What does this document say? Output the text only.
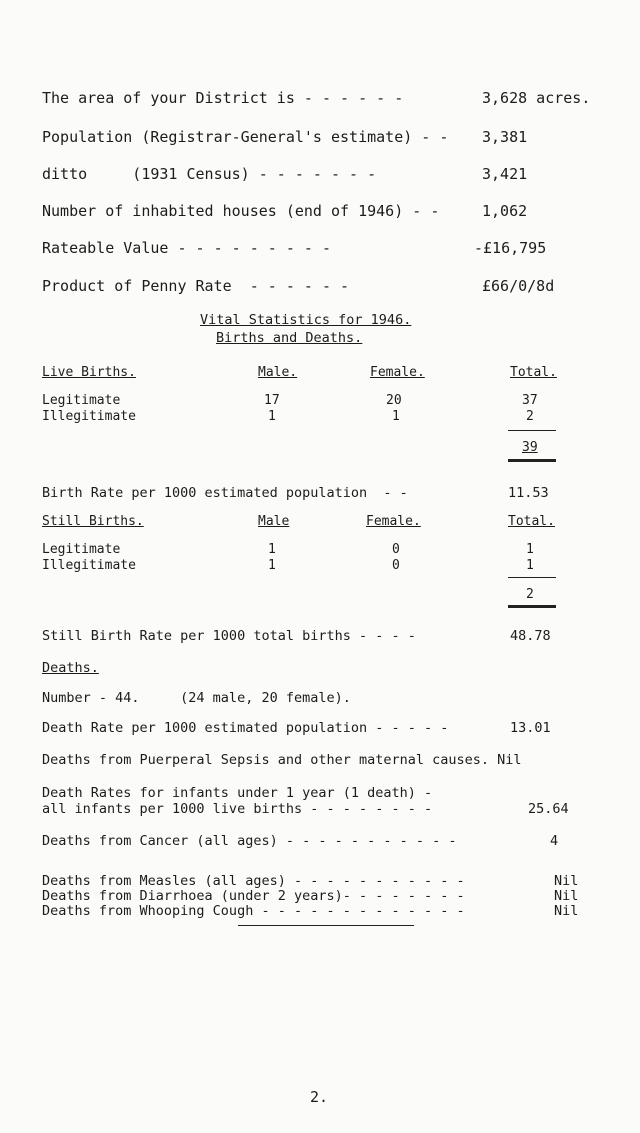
The area of your District is - - - - - -	3,628 acres.
Population (Registrar-General's estimate) - - 3,381
ditto     (1931 Census) - - - - - - -	3,421
Number of inhabited houses (end of 1946) - -	1,062
Rateable Value - - - - - - - - -	-£16,795
Product of Penny Rate  - - - - - -	£66/0/8d
Vital Statistics for 1946.
Births and Deaths.
Live Births.	Male.	Female.	Total.
Legitimate	17	20	37
Illegitimate	1	1	2
39
Birth Rate per 1000 estimated population  - -	11.53
Still Births.	Male	Female.	Total.
Legitimate	1	0	1
Illegitimate	1	0	1
2
Still Birth Rate per 1000 total births - - - -	48.78
Deaths.
Number - 44.     (24 male, 20 female).
Death Rate per 1000 estimated population - - - - -	13.01
Deaths from Puerperal Sepsis and other maternal causes. Nil
Death Rates for infants under 1 year (1 death) -
all infants per 1000 live births - - - - - - - -	25.64
Deaths from Cancer (all ages) - - - - - - - - - - -	4
Deaths from Measles (all ages) - - - - - - - - - - -	Nil
Deaths from Diarrhoea (under 2 years)- - - - - - - -	Nil
Deaths from Whooping Cough - - - - - - - - - - - - -	Nil
2.
